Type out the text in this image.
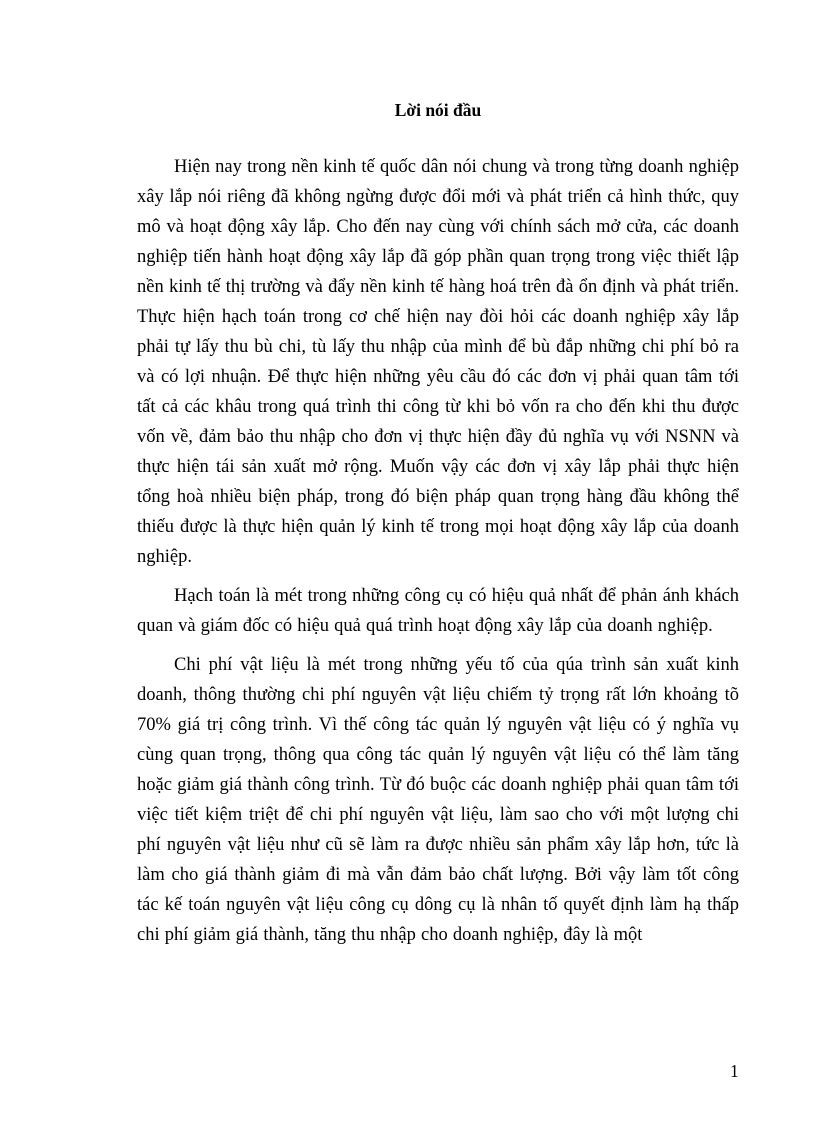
Lời nói đầu

Hiện nay trong nền kinh tế quốc dân nói chung và trong từng doanh nghiệp xây lắp nói riêng đã không ngừng được đổi mới và phát triển cả hình thức, quy mô và hoạt động xây lắp. Cho đến nay cùng với chính sách mở cửa, các doanh nghiệp tiến hành hoạt động xây lắp đã góp phần quan trọng trong việc thiết lập nền kinh tế thị trường và đẩy nền kinh tế hàng hoá trên đà ổn định và phát triển. Thực hiện hạch toán trong cơ chế hiện nay đòi hỏi các doanh nghiệp xây lắp phải tự lấy thu bù chi, tù lấy thu nhập của mình để bù đắp những chi phí bỏ ra và có lợi nhuận. Để thực hiện những yêu cầu đó các đơn vị phải quan tâm tới tất cả các khâu trong quá trình thi công từ khi bỏ vốn ra cho đến khi thu được vốn về, đảm bảo thu nhập cho đơn vị thực hiện đầy đủ nghĩa vụ với NSNN và thực hiện tái sản xuất mở rộng. Muốn vậy các đơn vị xây lắp phải thực hiện tổng hoà nhiều biện pháp, trong đó biện pháp quan trọng hàng đầu không thể thiếu được là thực hiện quản lý kinh tế trong mọi hoạt động xây lắp của doanh nghiệp.

Hạch toán là mét trong những công cụ có hiệu quả nhất để phản ánh khách quan và giám đốc có hiệu quả quá trình hoạt động xây lắp của doanh nghiệp.

Chi phí vật liệu là mét trong những yếu tố của qúa trình sản xuất kinh doanh, thông thường chi phí nguyên vật liệu chiếm tỷ trọng rất lớn khoảng tõ 70% giá trị công trình. Vì thế công tác quản lý nguyên vật liệu có ý nghĩa vụ cùng quan trọng, thông qua công tác quản lý nguyên vật liệu có thể làm tăng hoặc giảm giá thành công trình. Từ đó buộc các doanh nghiệp phải quan tâm tới việc tiết kiệm triệt để chi phí nguyên vật liệu, làm sao cho với một lượng chi phí nguyên vật liệu như cũ sẽ làm ra được nhiều sản phẩm xây lắp hơn, tức là làm cho giá thành giảm đi mà vẫn đảm bảo chất lượng. Bởi vậy làm tốt công tác kế toán nguyên vật liệu công cụ dông cụ là nhân tố quyết định làm hạ thấp chi phí giảm giá thành, tăng thu nhập cho doanh nghiệp, đây là một

1
